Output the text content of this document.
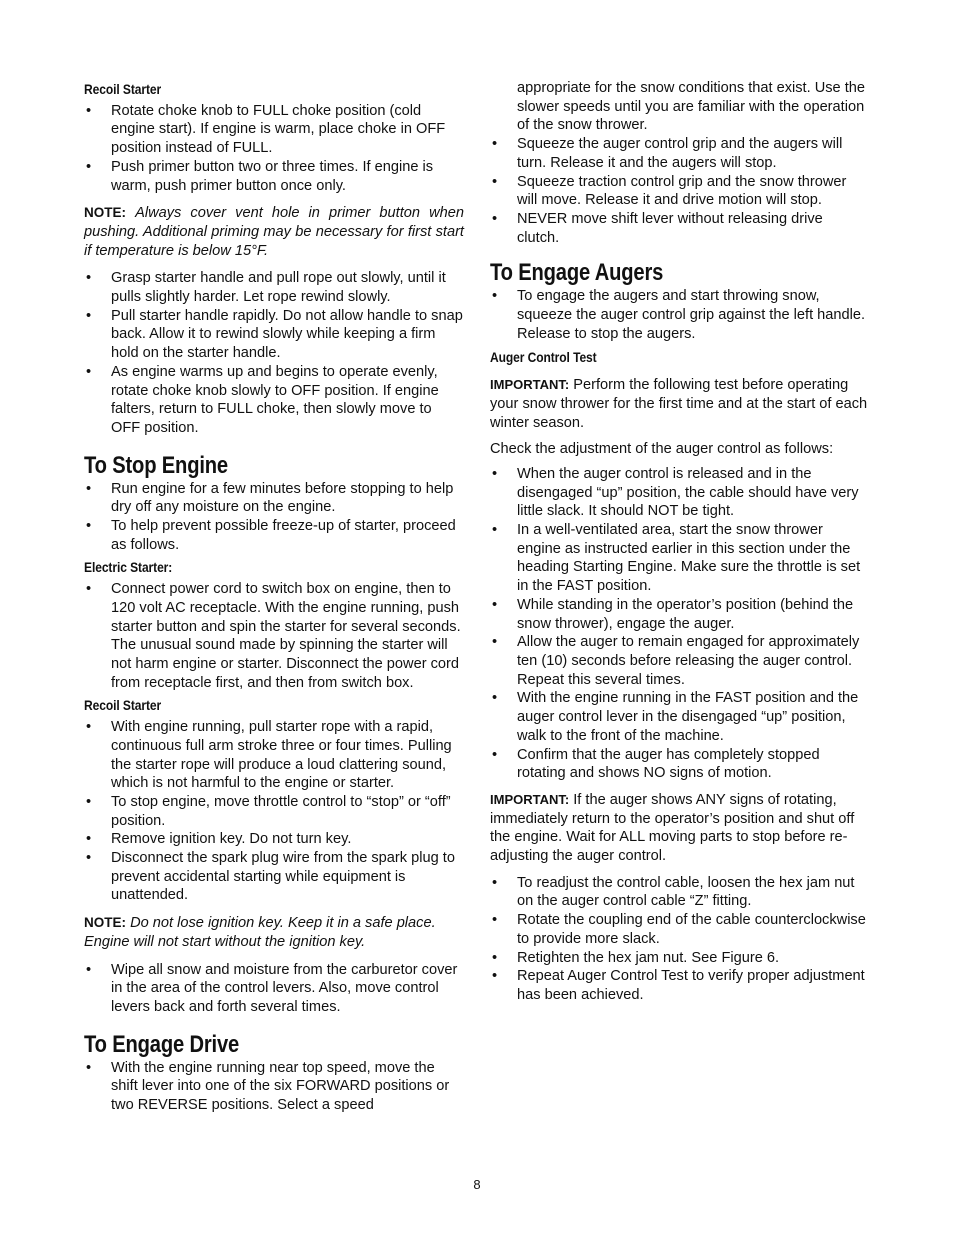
Recoil Starter
• Rotate choke knob to FULL choke position (cold engine start). If engine is warm, place choke in OFF position instead of FULL.
• Push primer button two or three times. If engine is warm, push primer button once only.

NOTE: Always cover vent hole in primer button when pushing. Additional priming may be necessary for first start if temperature is below 15°F.

• Grasp starter handle and pull rope out slowly, until it pulls slightly harder. Let rope rewind slowly.
• Pull starter handle rapidly. Do not allow handle to snap back. Allow it to rewind slowly while keeping a firm hold on the starter handle.
• As engine warms up and begins to operate evenly, rotate choke knob slowly to OFF position. If engine falters, return to FULL choke, then slowly move to OFF position.
To Stop Engine
• Run engine for a few minutes before stopping to help dry off any moisture on the engine.
• To help prevent possible freeze-up of starter, proceed as follows.
Electric Starter:
• Connect power cord to switch box on engine, then to 120 volt AC receptacle. With the engine running, push starter button and spin the starter for several seconds. The unusual sound made by spinning the starter will not harm engine or starter. Disconnect the power cord from receptacle first, and then from switch box.
Recoil Starter
• With engine running, pull starter rope with a rapid, continuous full arm stroke three or four times. Pulling the starter rope will produce a loud clattering sound, which is not harmful to the engine or starter.
• To stop engine, move throttle control to “stop” or “off” position.
• Remove ignition key. Do not turn key.
• Disconnect the spark plug wire from the spark plug to prevent accidental starting while equipment is unattended.

NOTE: Do not lose ignition key. Keep it in a safe place. Engine will not start without the ignition key.

• Wipe all snow and moisture from the carburetor cover in the area of the control levers. Also, move control levers back and forth several times.
To Engage Drive
• With the engine running near top speed, move the shift lever into one of the six FORWARD positions or two REVERSE positions. Select a speed

appropriate for the snow conditions that exist. Use the slower speeds until you are familiar with the operation of the snow thrower.

• Squeeze the auger control grip and the augers will turn. Release it and the augers will stop.
• Squeeze traction control grip and the snow thrower will move. Release it and drive motion will stop.
• NEVER move shift lever without releasing drive clutch.
To Engage Augers
• To engage the augers and start throwing snow, squeeze the auger control grip against the left handle. Release to stop the augers.
Auger Control Test

IMPORTANT: Perform the following test before operating your snow thrower for the first time and at the start of each winter season.

Check the adjustment of the auger control as follows:

• When the auger control is released and in the disengaged “up” position, the cable should have very little slack. It should NOT be tight.
• In a well-ventilated area, start the snow thrower engine as instructed earlier in this section under the heading Starting Engine. Make sure the throttle is set in the FAST position.
• While standing in the operator’s position (behind the snow thrower), engage the auger.
• Allow the auger to remain engaged for approximately ten (10) seconds before releasing the auger control. Repeat this several times.
• With the engine running in the FAST position and the auger control lever in the disengaged “up” position, walk to the front of the machine.
• Confirm that the auger has completely stopped rotating and shows NO signs of motion.

IMPORTANT: If the auger shows ANY signs of rotating, immediately return to the operator’s position and shut off the engine. Wait for ALL moving parts to stop before re-adjusting the auger control.

• To readjust the control cable, loosen the hex jam nut on the auger control cable “Z” fitting.
• Rotate the coupling end of the cable counterclockwise to provide more slack.
• Retighten the hex jam nut. See Figure 6.
• Repeat Auger Control Test to verify proper adjustment has been achieved.
8
